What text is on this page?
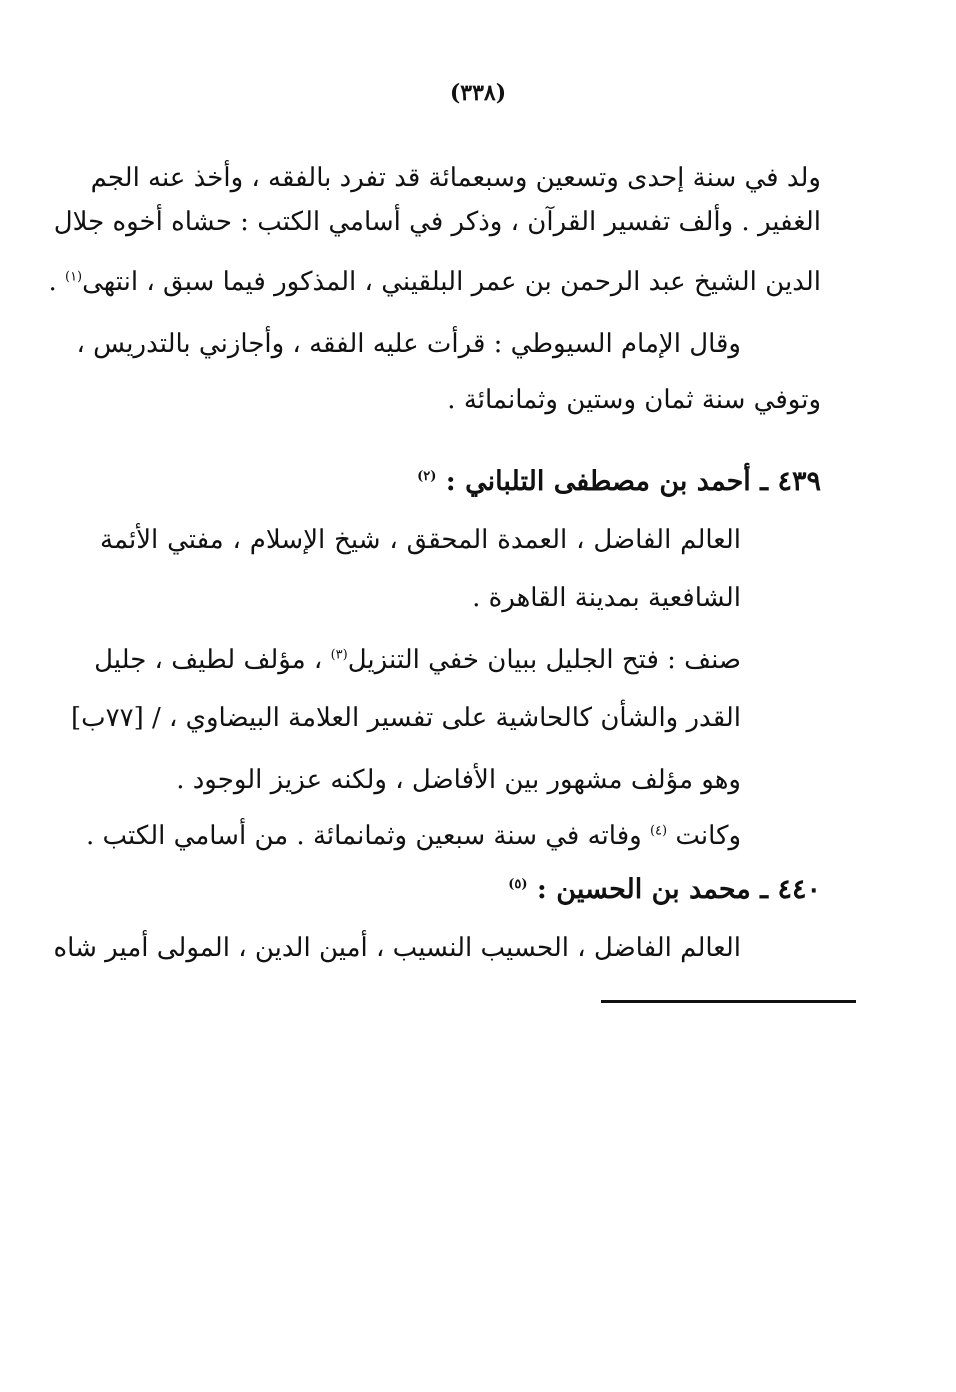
(٣٣٨)
ولد في سنة إحدى وتسعين وسبعمائة قد تفرد بالفقه ، وأخذ عنه الجم
الغفير . وألف تفسير القرآن ، وذكر في أسامي الكتب : حشاه أخوه جلال
الدين الشيخ عبد الرحمن بن عمر البلقيني ، المذكور فيما سبق ، انتهى$^{(١)}$ .
وقال الإمام السيوطي : قرأت عليه الفقه ، وأجازني بالتدريس ،
وتوفي سنة ثمان وستين وثمانمائة .
٤٣٩ ـ أحمد بن مصطفى التلباني : $^{(٢)}$
العالم الفاضل ، العمدة المحقق ، شيخ الإسلام ، مفتي الأئمة
الشافعية بمدينة القاهرة .
صنف : فتح الجليل ببيان خفي التنزيل$^{(٣)}$ ، مؤلف لطيف ، جليل
القدر والشأن كالحاشية على تفسير العلامة البيضاوي ، / [٧٧ب]
وهو مؤلف مشهور بين الأفاضل ، ولكنه عزيز الوجود .
وكانت $^{(٤)}$ وفاته في سنة سبعين وثمانمائة . من أسامي الكتب .
٤٤٠ ـ محمد بن الحسين : $^{(٥)}$
العالم الفاضل ، الحسيب النسيب ، أمين الدين ، المولى أمير شاه
